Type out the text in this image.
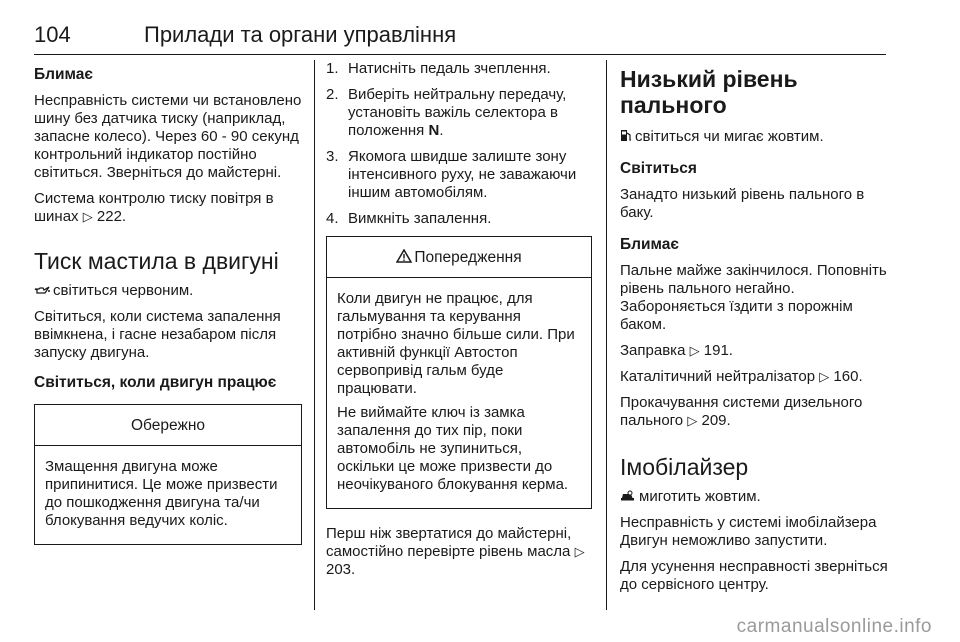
104	Прилади та органи управління
Блимає

Несправність системи чи встановлено шину без датчика тиску (наприклад, запасне колесо). Через 60 - 90 секунд контрольний індикатор постійно світиться. Зверніться до майстерні.

Система контролю тиску повітря в шинах ▷ 222.

Тиск мастила в двигуні

світиться червоним.

Світиться, коли система запалення ввімкнена, і гасне незабаром після запуску двигуна.

Світиться, коли двигун працює
Обережно

Змащення двигуна може припинитися. Це може призвести до пошкодження двигуна та/чи блокування ведучих коліс.

1. Натисніть педаль зчеплення.
2. Виберіть нейтральну передачу, установіть важіль селектора в положення N.
3. Якомога швидше залиште зону інтенсивного руху, не заважаючи іншим автомобілям.
4. Вимкніть запалення.
Попередження

Коли двигун не працює, для гальмування та керування потрібно значно більше сили. При активній функції Автостоп сервопривід гальм буде працювати.

Не виймайте ключ із замка запалення до тих пір, поки автомобіль не зупиниться, оскільки це може призвести до неочікуваного блокування керма.

Перш ніж звертатися до майстерні, самостійно перевірте рівень масла ▷ 203.

Низький рівень пального

світиться чи мигає жовтим.

Світиться

Занадто низький рівень пального в баку.

Блимає

Пальне майже закінчилося. Поповніть рівень пального негайно. Забороняється їздити з порожнім баком.

Заправка ▷ 191.

Каталітичний нейтралізатор ▷ 160.

Прокачування системи дизельного пального ▷ 209.

Імобілайзер

миготить жовтим.

Несправність у системі імобілайзера Двигун неможливо запустити.

Для усунення несправності зверніться до сервісного центру.

carmanualsonline.info
